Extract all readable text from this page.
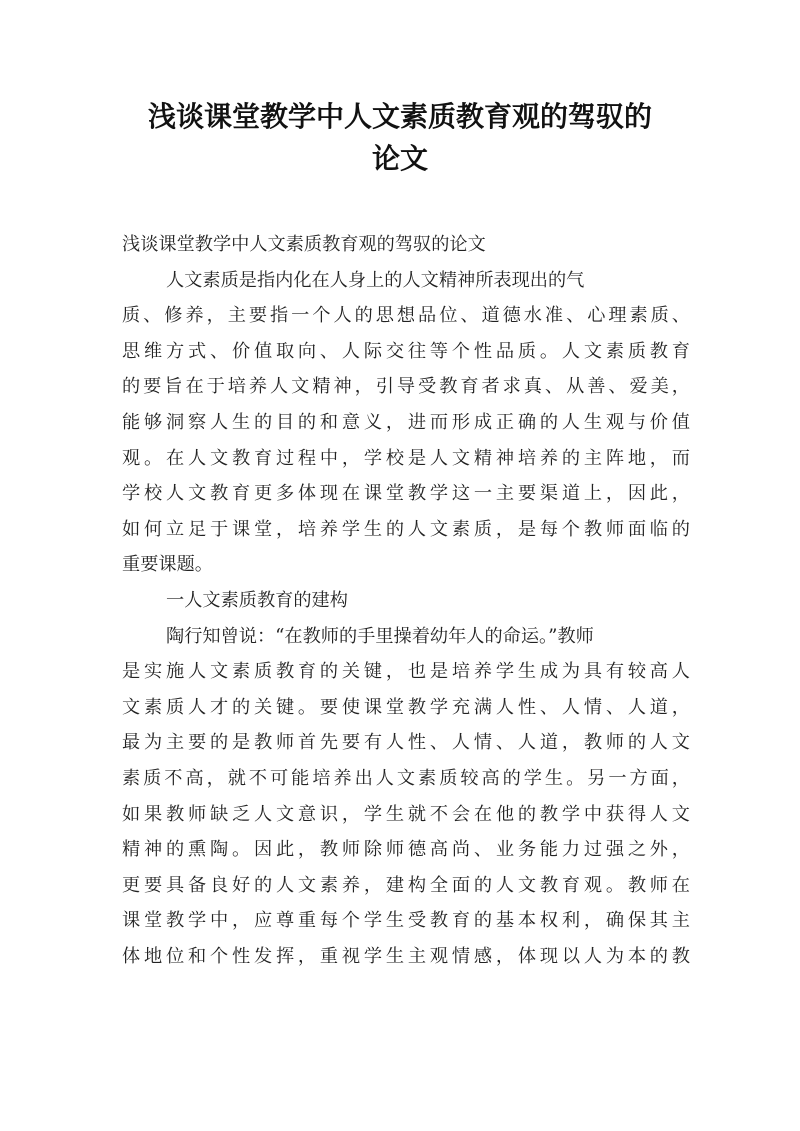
浅谈课堂教学中人文素质教育观的驾驭的
论文
浅谈课堂教学中人文素质教育观的驾驭的论文
人文素质是指内化在人身上的人文精神所表现出的气
质、修养，主要指一个人的思想品位、道德水准、心理素质、
思维方式、价值取向、人际交往等个性品质。人文素质教育
的要旨在于培养人文精神，引导受教育者求真、从善、爱美，
能够洞察人生的目的和意义，进而形成正确的人生观与价值
观。在人文教育过程中，学校是人文精神培养的主阵地，而
学校人文教育更多体现在课堂教学这一主要渠道上，因此，
如何立足于课堂，培养学生的人文素质，是每个教师面临的
重要课题。
一人文素质教育的建构
陶行知曾说：“在教师的手里操着幼年人的命运。”教师
是实施人文素质教育的关键，也是培养学生成为具有较高人
文素质人才的关键。要使课堂教学充满人性、人情、人道，
最为主要的是教师首先要有人性、人情、人道，教师的人文
素质不高，就不可能培养出人文素质较高的学生。另一方面，
如果教师缺乏人文意识，学生就不会在他的教学中获得人文
精神的熏陶。因此，教师除师德高尚、业务能力过强之外，
更要具备良好的人文素养，建构全面的人文教育观。教师在
课堂教学中，应尊重每个学生受教育的基本权利，确保其主
体地位和个性发挥，重视学生主观情感，体现以人为本的教
